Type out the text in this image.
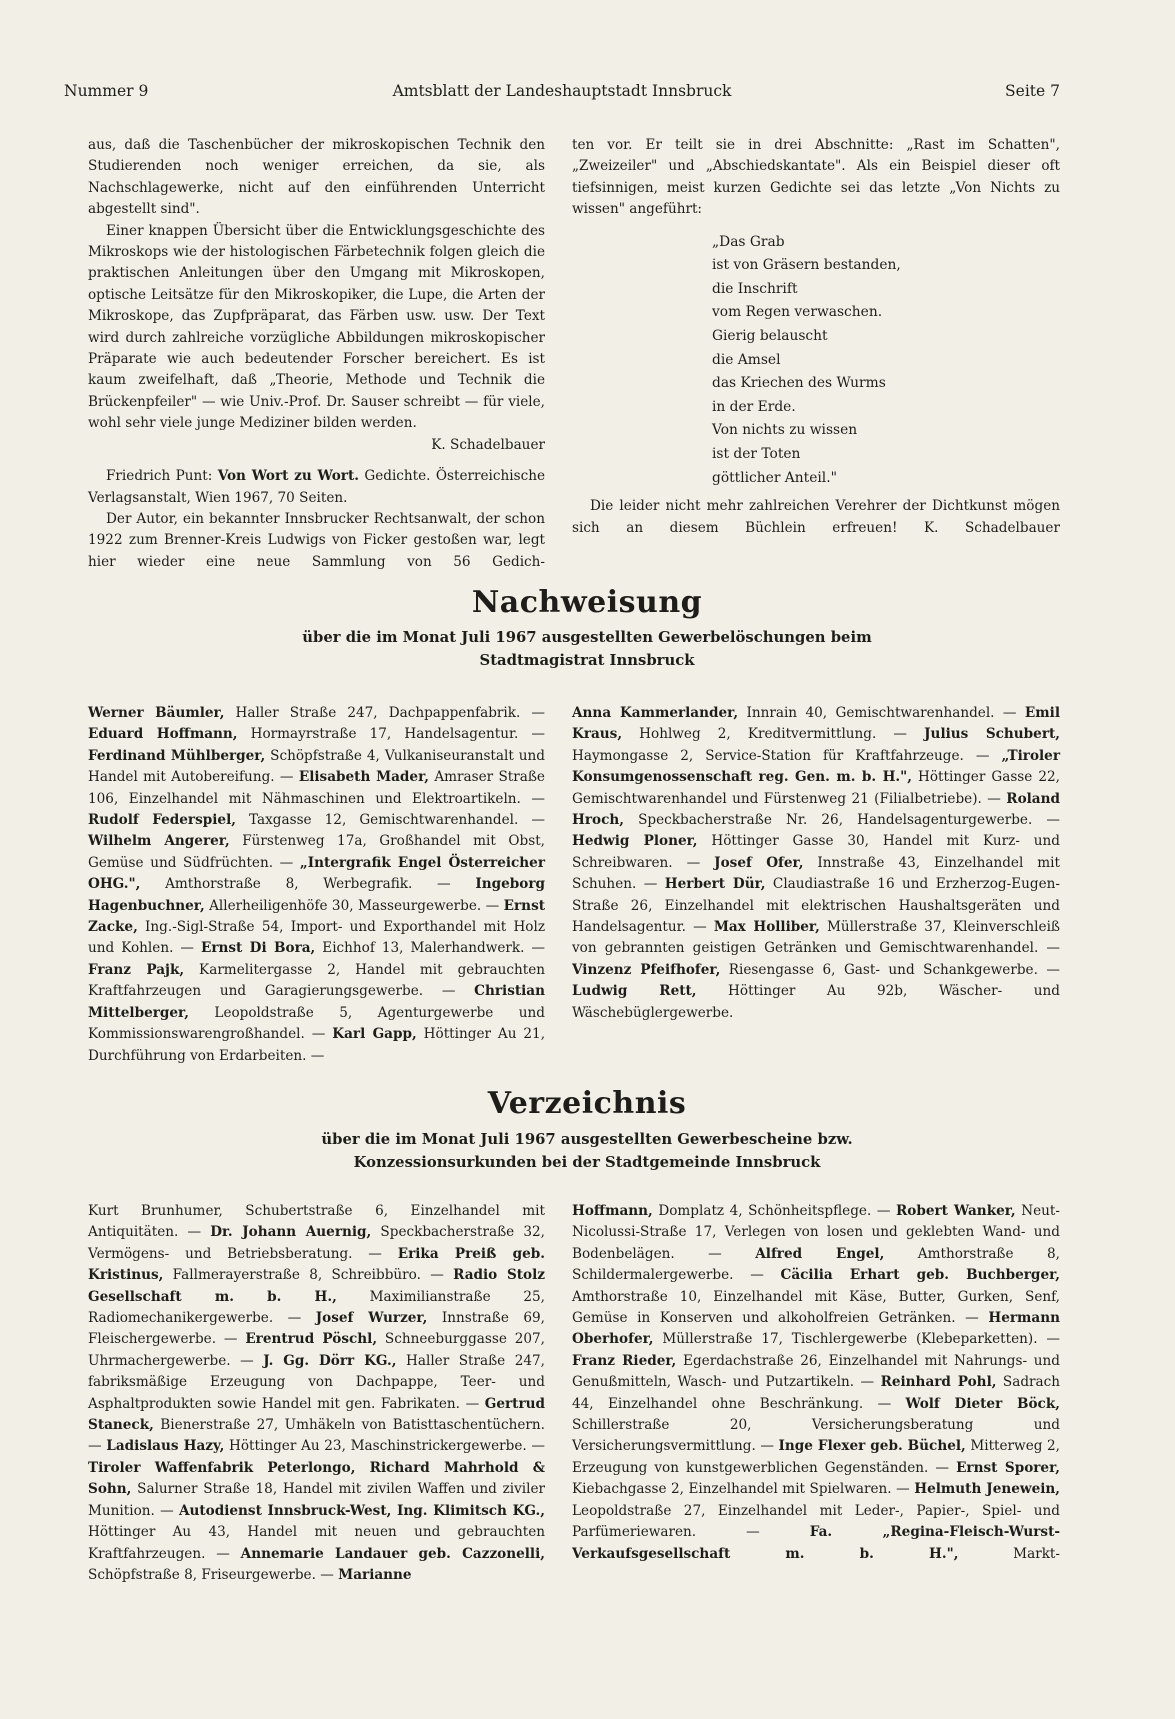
Nummer 9	Amtsblatt der Landeshauptstadt Innsbruck	Seite 7

aus, daß die Taschenbücher der mikroskopischen Technik den Studierenden noch weniger erreichen, da sie, als Nachschlagewerke, nicht auf den einführenden Unterricht abgestellt sind".

Einer knappen Übersicht über die Entwicklungsgeschichte des Mikroskops wie der histologischen Färbetechnik folgen gleich die praktischen Anleitungen über den Umgang mit Mikroskopen, optische Leitsätze für den Mikroskopiker, die Lupe, die Arten der Mikroskope, das Zupfpräparat, das Färben usw. usw. Der Text wird durch zahlreiche vorzügliche Abbildungen mikroskopischer Präparate wie auch bedeutender Forscher bereichert. Es ist kaum zweifelhaft, daß „Theorie, Methode und Technik die Brückenpfeiler" — wie Univ.-Prof. Dr. Sauser schreibt — für viele, wohl sehr viele junge Mediziner bilden werden.

K. Schadelbauer

Friedrich Punt: Von Wort zu Wort. Gedichte. Österreichische Verlagsanstalt, Wien 1967, 70 Seiten.

Der Autor, ein bekannter Innsbrucker Rechtsanwalt, der schon 1922 zum Brenner-Kreis Ludwigs von Ficker gestoßen war, legt hier wieder eine neue Sammlung von 56 Gedich-

ten vor. Er teilt sie in drei Abschnitte: „Rast im Schatten", „Zweizeiler" und „Abschiedskantate". Als ein Beispiel dieser oft tiefsinnigen, meist kurzen Gedichte sei das letzte „Von Nichts zu wissen" angeführt:

„Das Grab
ist von Gräsern bestanden,
die Inschrift
vom Regen verwaschen.
Gierig belauscht
die Amsel
das Kriechen des Wurms
in der Erde.
Von nichts zu wissen
ist der Toten
göttlicher Anteil."

Die leider nicht mehr zahlreichen Verehrer der Dichtkunst mögen sich an diesem Büchlein erfreuen! K. Schadelbauer

Nachweisung
über die im Monat Juli 1967 ausgestellten Gewerbelöschungen beim
Stadtmagistrat Innsbruck

Werner Bäumler, Haller Straße 247, Dachpappenfabrik. — Eduard Hoffmann, Hormayrstraße 17, Handelsagentur. — Ferdinand Mühlberger, Schöpfstraße 4, Vulkaniseuranstalt und Handel mit Autobereifung. — Elisabeth Mader, Amraser Straße 106, Einzelhandel mit Nähmaschinen und Elektroartikeln. — Rudolf Federspiel, Taxgasse 12, Gemischtwarenhandel. — Wilhelm Angerer, Fürstenweg 17a, Großhandel mit Obst, Gemüse und Südfrüchten. — „Intergrafik Engel Österreicher OHG.", Amthorstraße 8, Werbegrafik. — Ingeborg Hagenbuchner, Allerheiligenhöfe 30, Masseurgewerbe. — Ernst Zacke, Ing.-Sigl-Straße 54, Import- und Exporthandel mit Holz und Kohlen. — Ernst Di Bora, Eichhof 13, Malerhandwerk. — Franz Pajk, Karmelitergasse 2, Handel mit gebrauchten Kraftfahrzeugen und Garagierungsgewerbe. — Christian Mittelberger, Leopoldstraße 5, Agenturgewerbe und Kommissionswarengroßhandel. — Karl Gapp, Höttinger Au 21, Durchführung von Erdarbeiten. —

Anna Kammerlander, Innrain 40, Gemischtwarenhandel. — Emil Kraus, Hohlweg 2, Kreditvermittlung. — Julius Schubert, Haymongasse 2, Service-Station für Kraftfahrzeuge. — „Tiroler Konsumgenossenschaft reg. Gen. m. b. H.", Höttinger Gasse 22, Gemischtwarenhandel und Fürstenweg 21 (Filialbetriebe). — Roland Hroch, Speckbacherstraße Nr. 26, Handelsagenturgewerbe. — Hedwig Ploner, Höttinger Gasse 30, Handel mit Kurz- und Schreibwaren. — Josef Ofer, Innstraße 43, Einzelhandel mit Schuhen. — Herbert Dür, Claudiastraße 16 und Erzherzog-Eugen-Straße 26, Einzelhandel mit elektrischen Haushaltsgeräten und Handelsagentur. — Max Holliber, Müllerstraße 37, Kleinverschleiß von gebrannten geistigen Getränken und Gemischtwarenhandel. — Vinzenz Pfeifhofer, Riesengasse 6, Gast- und Schankgewerbe. — Ludwig Rett, Höttinger Au 92b, Wäscher- und Wäschebüglergewerbe.

Verzeichnis
über die im Monat Juli 1967 ausgestellten Gewerbescheine bzw.
Konzessionsurkunden bei der Stadtgemeinde Innsbruck

Kurt Brunhumer, Schubertstraße 6, Einzelhandel mit Antiquitäten. — Dr. Johann Auernig, Speckbacherstraße 32, Vermögens- und Betriebsberatung. — Erika Preiß geb. Kristinus, Fallmerayerstraße 8, Schreibbüro. — Radio Stolz Gesellschaft m. b. H., Maximilianstraße 25, Radiomechanikergewerbe. — Josef Wurzer, Innstraße 69, Fleischergewerbe. — Erentrud Pöschl, Schneeburggasse 207, Uhrmachergewerbe. — J. Gg. Dörr KG., Haller Straße 247, fabriksmäßige Erzeugung von Dachpappe, Teer- und Asphaltprodukten sowie Handel mit gen. Fabrikaten. — Gertrud Staneck, Bienerstraße 27, Umhäkeln von Batisttaschentüchern. — Ladislaus Hazy, Höttinger Au 23, Maschinstrickergewerbe. — Tiroler Waffenfabrik Peterlongo, Richard Mahrhold & Sohn, Salurner Straße 18, Handel mit zivilen Waffen und ziviler Munition. — Autodienst Innsbruck-West, Ing. Klimitsch KG., Höttinger Au 43, Handel mit neuen und gebrauchten Kraftfahrzeugen. — Annemarie Landauer geb. Cazzonelli, Schöpfstraße 8, Friseurgewerbe. — Marianne

Hoffmann, Domplatz 4, Schönheitspflege. — Robert Wanker, Neut-Nicolussi-Straße 17, Verlegen von losen und geklebten Wand- und Bodenbelägen. — Alfred Engel, Amthorstraße 8, Schildermalergewerbe. — Cäcilia Erhart geb. Buchberger, Amthorstraße 10, Einzelhandel mit Käse, Butter, Gurken, Senf, Gemüse in Konserven und alkoholfreien Getränken. — Hermann Oberhofer, Müllerstraße 17, Tischlergewerbe (Klebeparketten). — Franz Rieder, Egerdachstraße 26, Einzelhandel mit Nahrungs- und Genußmitteln, Wasch- und Putzartikeln. — Reinhard Pohl, Sadrach 44, Einzelhandel ohne Beschränkung. — Wolf Dieter Böck, Schillerstraße 20, Versicherungsberatung und Versicherungsvermittlung. — Inge Flexer geb. Büchel, Mitterweg 2, Erzeugung von kunstgewerblichen Gegenständen. — Ernst Sporer, Kiebachgasse 2, Einzelhandel mit Spielwaren. — Helmuth Jenewein, Leopoldstraße 27, Einzelhandel mit Leder-, Papier-, Spiel- und Parfümeriewaren. — Fa. „Regina-Fleisch-Wurst-Verkaufsgesellschaft m. b. H.", Markt-
